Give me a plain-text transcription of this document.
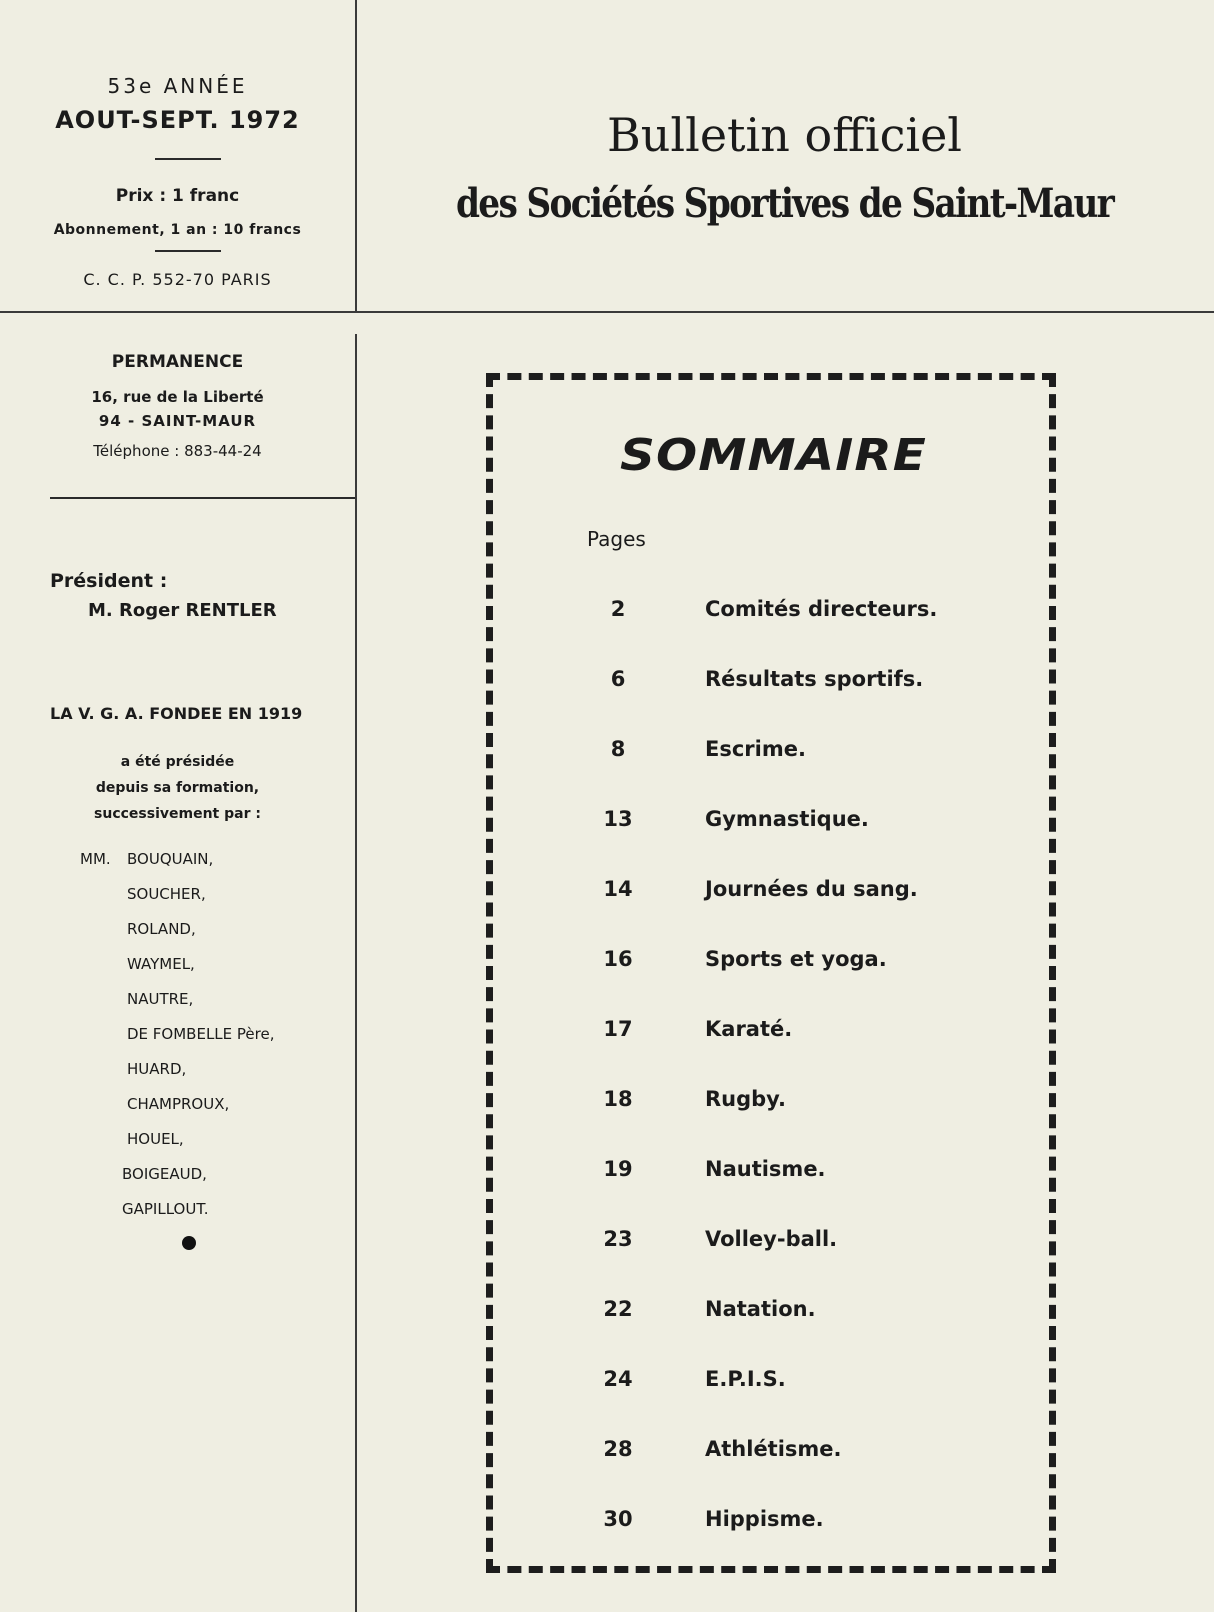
53e ANNÉE
AOUT-SEPT. 1972
Prix : 1 franc
Abonnement, 1 an : 10 francs
C. C. P. 552-70 PARIS
Bulletin officiel
des Sociétés Sportives de Saint-Maur
PERMANENCE
16, rue de la Liberté
94 - SAINT-MAUR
Téléphone : 883-44-24
Président :
M. Roger RENTLER
LA V. G. A. FONDEE EN 1919
a été présidée
depuis sa formation,
successivement par :
MM. BOUQUAIN,
SOUCHER,
ROLAND,
WAYMEL,
NAUTRE,
DE FOMBELLE Père,
HUARD,
CHAMPROUX,
HOUEL,
BOIGEAUD,
GAPILLOUT.
SOMMAIRE
Pages
2	Comités directeurs.
6	Résultats sportifs.
8	Escrime.
13	Gymnastique.
14	Journées du sang.
16	Sports et yoga.
17	Karaté.
18	Rugby.
19	Nautisme.
23	Volley-ball.
22	Natation.
24	E.P.I.S.
28	Athlétisme.
30	Hippisme.
